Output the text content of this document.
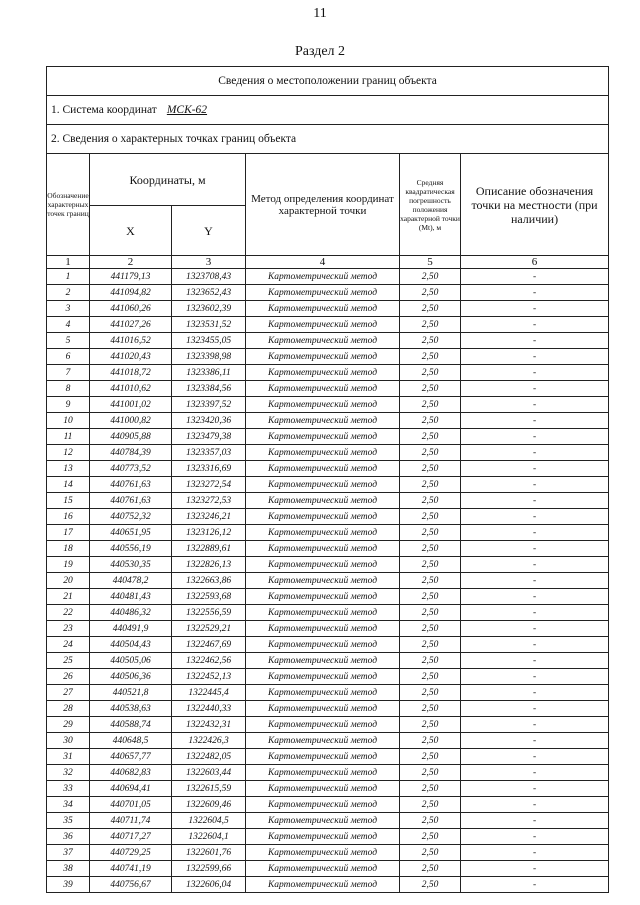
11
Раздел 2
Сведения о местоположении границ объекта					
1. Система координат МСК-62					
2. Сведения о характерных точках границ объекта					
Обозначение характерных точек границ	Координаты, м		Метод определения координат характерной точки	Средняя квадратическая погрешность положения характерной точки (Mt), м	Описание обозначения точки на местности (при наличии)
	X	Y			
1	2	3	4	5	6
1	441179,13	1323708,43	Картометрический метод	2,50	-
2	441094,82	1323652,43	Картометрический метод	2,50	-
3	441060,26	1323602,39	Картометрический метод	2,50	-
4	441027,26	1323531,52	Картометрический метод	2,50	-
5	441016,52	1323455,05	Картометрический метод	2,50	-
6	441020,43	1323398,98	Картометрический метод	2,50	-
7	441018,72	1323386,11	Картометрический метод	2,50	-
8	441010,62	1323384,56	Картометрический метод	2,50	-
9	441001,02	1323397,52	Картометрический метод	2,50	-
10	441000,82	1323420,36	Картометрический метод	2,50	-
11	440905,88	1323479,38	Картометрический метод	2,50	-
12	440784,39	1323357,03	Картометрический метод	2,50	-
13	440773,52	1323316,69	Картометрический метод	2,50	-
14	440761,63	1323272,54	Картометрический метод	2,50	-
15	440761,63	1323272,53	Картометрический метод	2,50	-
16	440752,32	1323246,21	Картометрический метод	2,50	-
17	440651,95	1323126,12	Картометрический метод	2,50	-
18	440556,19	1322889,61	Картометрический метод	2,50	-
19	440530,35	1322826,13	Картометрический метод	2,50	-
20	440478,2	1322663,86	Картометрический метод	2,50	-
21	440481,43	1322593,68	Картометрический метод	2,50	-
22	440486,32	1322556,59	Картометрический метод	2,50	-
23	440491,9	1322529,21	Картометрический метод	2,50	-
24	440504,43	1322467,69	Картометрический метод	2,50	-
25	440505,06	1322462,56	Картометрический метод	2,50	-
26	440506,36	1322452,13	Картометрический метод	2,50	-
27	440521,8	1322445,4	Картометрический метод	2,50	-
28	440538,63	1322440,33	Картометрический метод	2,50	-
29	440588,74	1322432,31	Картометрический метод	2,50	-
30	440648,5	1322426,3	Картометрический метод	2,50	-
31	440657,77	1322482,05	Картометрический метод	2,50	-
32	440682,83	1322603,44	Картометрический метод	2,50	-
33	440694,41	1322615,59	Картометрический метод	2,50	-
34	440701,05	1322609,46	Картометрический метод	2,50	-
35	440711,74	1322604,5	Картометрический метод	2,50	-
36	440717,27	1322604,1	Картометрический метод	2,50	-
37	440729,25	1322601,76	Картометрический метод	2,50	-
38	440741,19	1322599,66	Картометрический метод	2,50	-
39	440756,67	1322606,04	Картометрический метод	2,50	-
